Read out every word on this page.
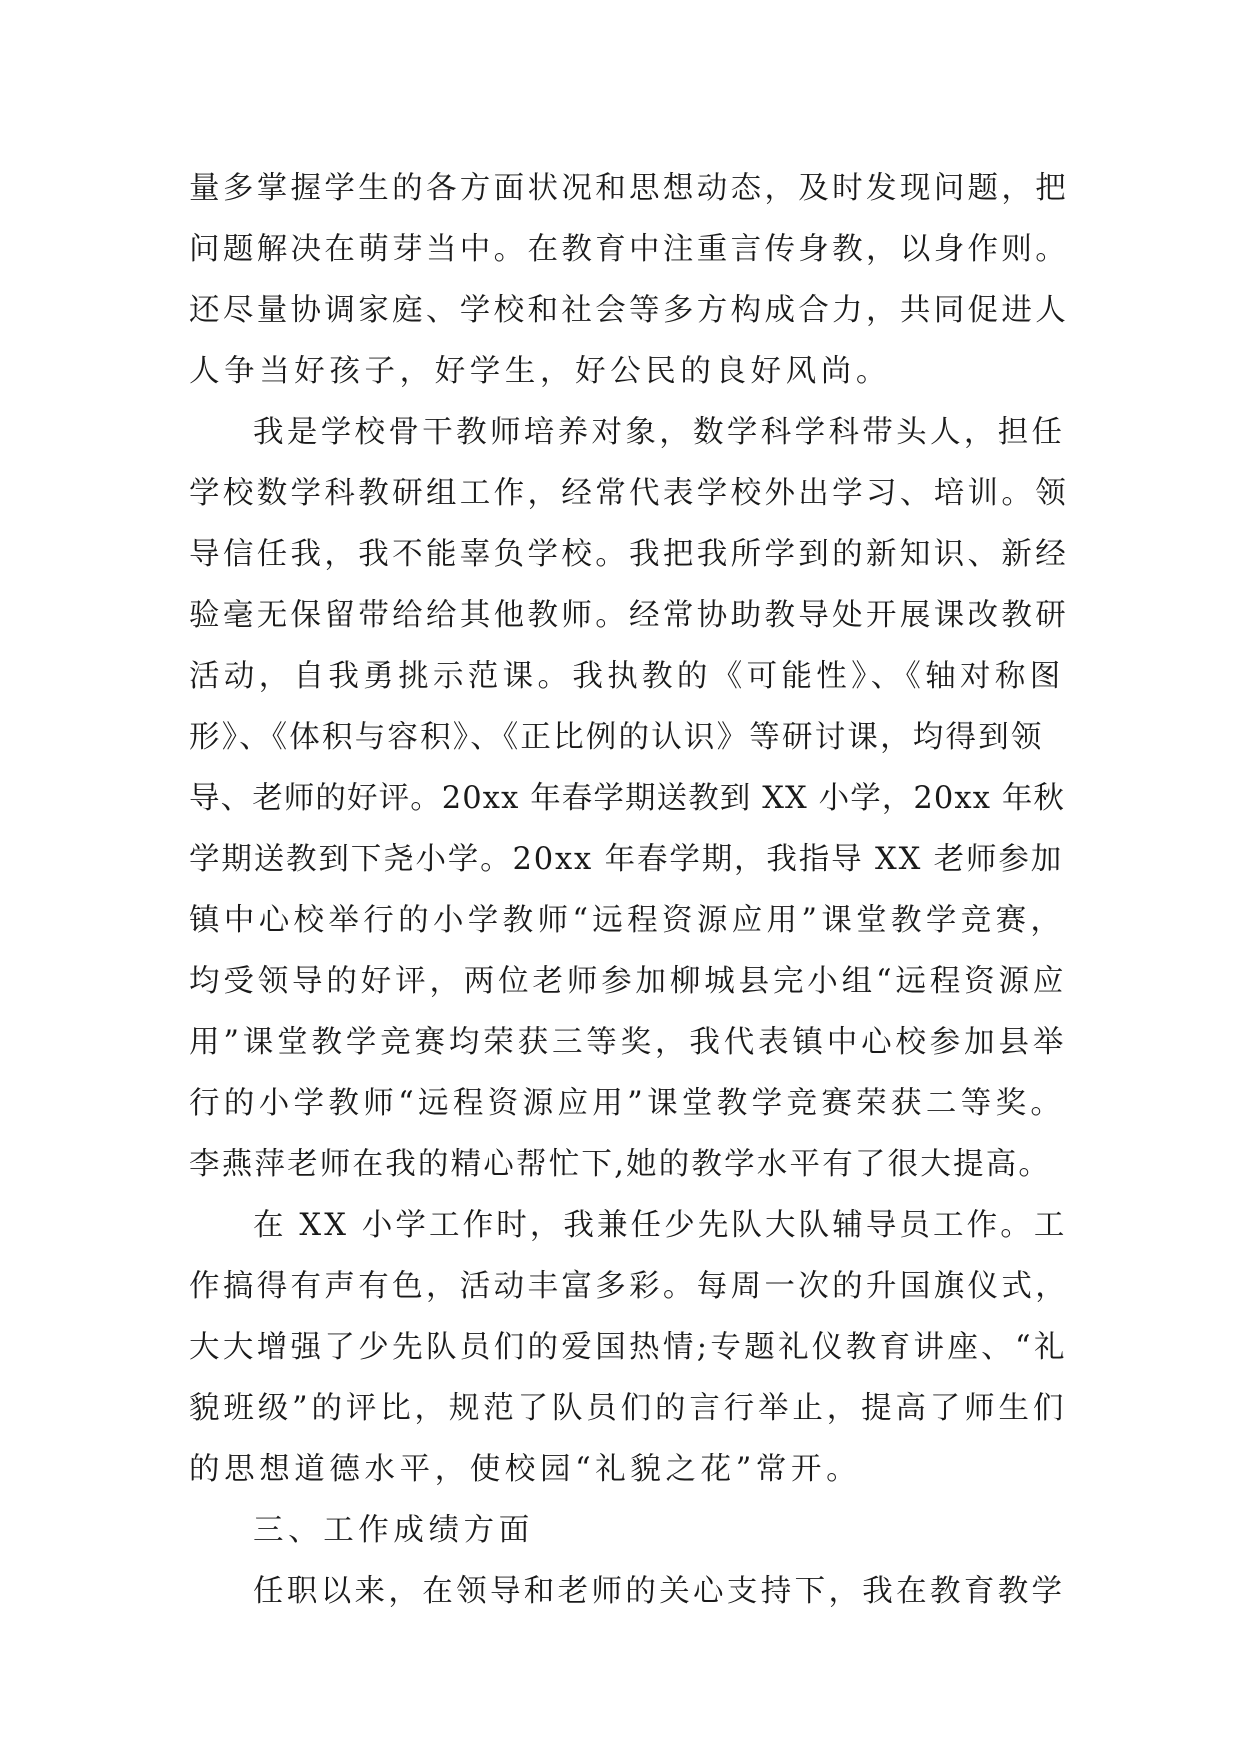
量多掌握学生的各方面状况和思想动态，及时发现问题，把
问题解决在萌芽当中。在教育中注重言传身教，以身作则。
还尽量协调家庭、学校和社会等多方构成合力，共同促进人
人争当好孩子，好学生，好公民的良好风尚。
我是学校骨干教师培养对象，数学科学科带头人，担任
学校数学科教研组工作，经常代表学校外出学习、培训。领
导信任我，我不能辜负学校。我把我所学到的新知识、新经
验毫无保留带给给其他教师。经常协助教导处开展课改教研
活动，自我勇挑示范课。我执教的《可能性》、《轴对称图
形》、《体积与容积》、《正比例的认识》等研讨课，均得到领
导、老师的好评。20xx 年春学期送教到 XX 小学，20xx 年秋
学期送教到下尧小学。20xx 年春学期，我指导 XX 老师参加
镇中心校举行的小学教师“远程资源应用”课堂教学竞赛，
均受领导的好评，两位老师参加柳城县完小组“远程资源应
用”课堂教学竞赛均荣获三等奖，我代表镇中心校参加县举
行的小学教师“远程资源应用”课堂教学竞赛荣获二等奖。
李燕萍老师在我的精心帮忙下,她的教学水平有了很大提高。
在 XX 小学工作时，我兼任少先队大队辅导员工作。工
作搞得有声有色，活动丰富多彩。每周一次的升国旗仪式，
大大增强了少先队员们的爱国热情;专题礼仪教育讲座、“礼
貌班级”的评比，规范了队员们的言行举止，提高了师生们
的思想道德水平，使校园“礼貌之花”常开。
三、工作成绩方面
任职以来，在领导和老师的关心支持下，我在教育教学
